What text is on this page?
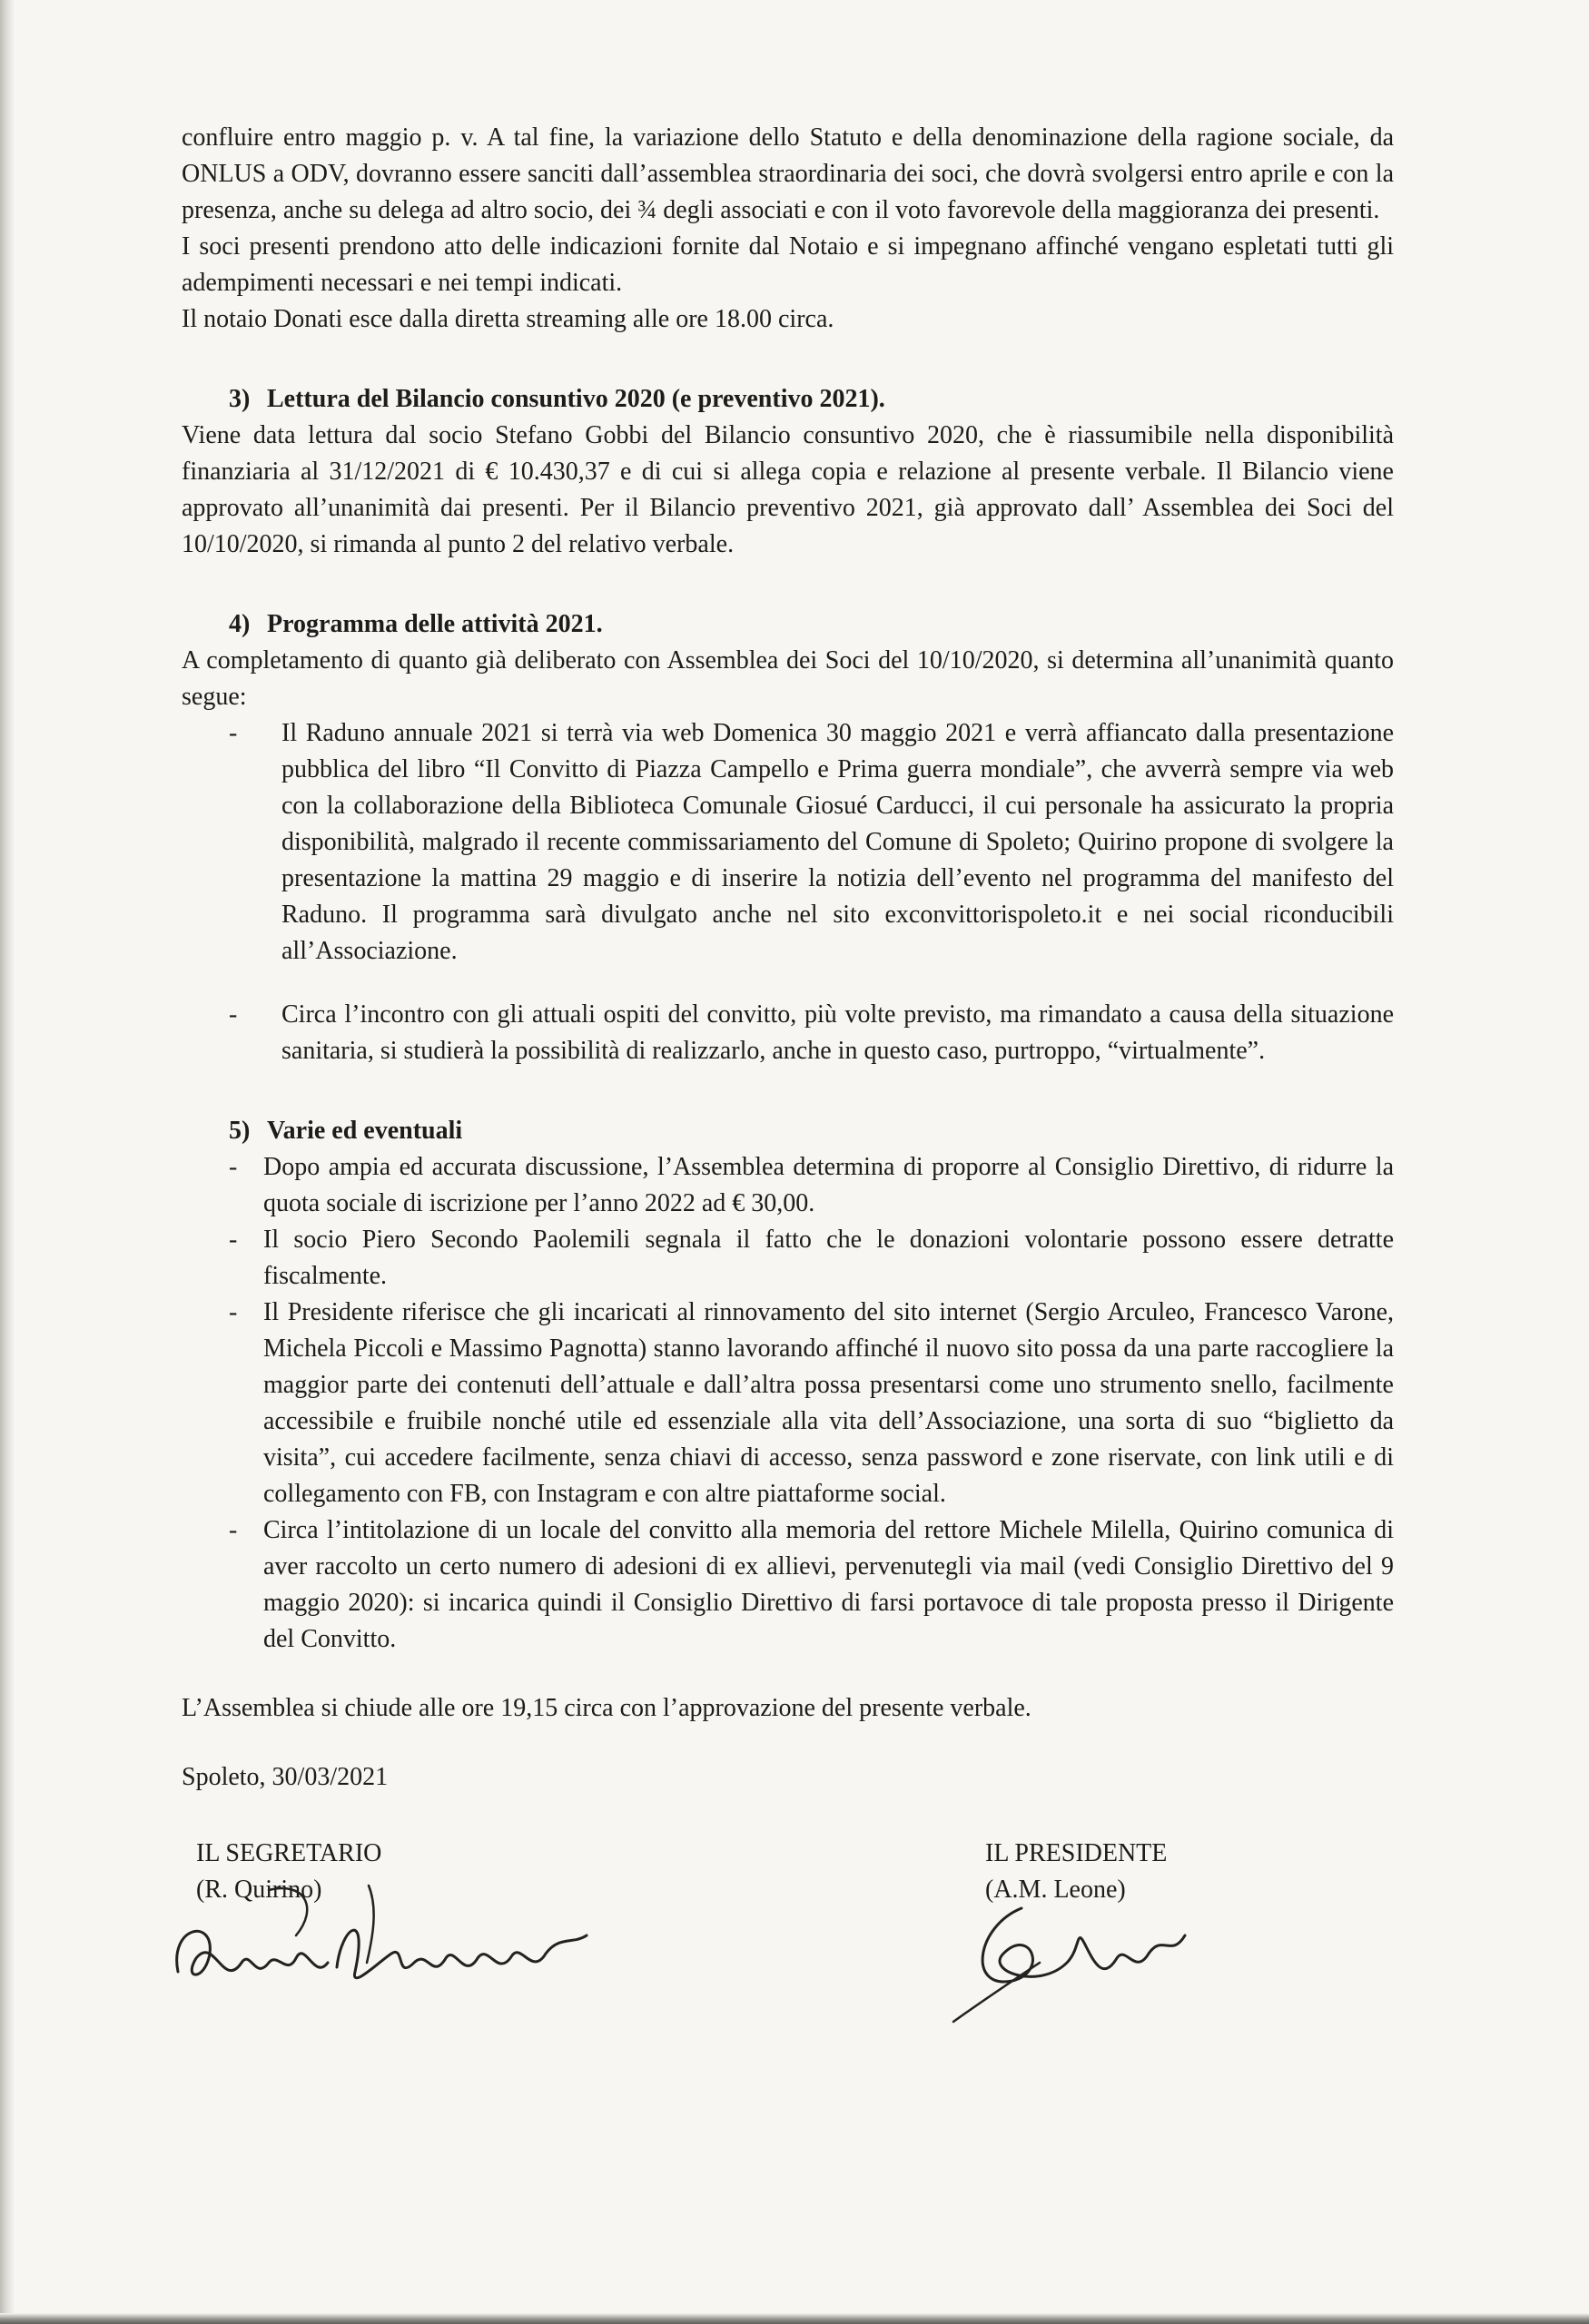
confluire entro maggio p. v. A tal fine, la variazione dello Statuto e della denominazione della ragione sociale, da ONLUS a ODV, dovranno essere sanciti dall’assemblea straordinaria dei soci, che dovrà svolgersi entro aprile e con la presenza, anche su delega ad altro socio, dei ¾ degli associati e con il voto favorevole della maggioranza dei presenti.

I soci presenti prendono atto delle indicazioni fornite dal Notaio e si impegnano affinché vengano espletati tutti gli adempimenti necessari e nei tempi indicati.

Il notaio Donati esce dalla diretta streaming alle ore 18.00 circa.

3) Lettura del Bilancio consuntivo 2020 (e preventivo 2021).

Viene data lettura dal socio Stefano Gobbi del Bilancio consuntivo 2020, che è riassumibile nella disponibilità finanziaria al 31/12/2021 di € 10.430,37 e di cui si allega copia e relazione al presente verbale. Il Bilancio viene approvato all’unanimità dai presenti. Per il Bilancio preventivo 2021, già approvato dall’ Assemblea dei Soci del 10/10/2020, si rimanda al punto 2 del relativo verbale.

4) Programma delle attività 2021.

A completamento di quanto già deliberato con Assemblea dei Soci del 10/10/2020, si determina all’unanimità quanto segue:

-	Il Raduno annuale 2021 si terrà via web Domenica 30 maggio 2021 e verrà affiancato dalla presentazione pubblica del libro “Il Convitto di Piazza Campello e Prima guerra mondiale”, che avverrà sempre via web con la collaborazione della Biblioteca Comunale Giosué Carducci, il cui personale ha assicurato la propria disponibilità, malgrado il recente commissariamento del Comune di Spoleto; Quirino propone di svolgere la presentazione la mattina 29 maggio e di inserire la notizia dell’evento nel programma del manifesto del Raduno. Il programma sarà divulgato anche nel sito exconvittorispoleto.it e nei social riconducibili all’Associazione.
-	Circa l’incontro con gli attuali ospiti del convitto, più volte previsto, ma rimandato a causa della situazione sanitaria, si studierà la possibilità di realizzarlo, anche in questo caso, purtroppo, “virtualmente”.
5) Varie ed eventuali
-	Dopo ampia ed accurata discussione, l’Assemblea determina di proporre al Consiglio Direttivo, di ridurre la quota sociale di iscrizione per l’anno 2022 ad € 30,00.
-	Il socio Piero Secondo Paolemili segnala il fatto che le donazioni volontarie possono essere detratte fiscalmente.
-	Il Presidente riferisce che gli incaricati al rinnovamento del sito internet (Sergio Arculeo, Francesco Varone, Michela Piccoli e Massimo Pagnotta) stanno lavorando affinché il nuovo sito possa da una parte raccogliere la maggior parte dei contenuti dell’attuale e dall’altra possa presentarsi come uno strumento snello, facilmente accessibile e fruibile nonché utile ed essenziale alla vita dell’Associazione, una sorta di suo “biglietto da visita”, cui accedere facilmente, senza chiavi di accesso, senza password e zone riservate, con link utili e di collegamento con FB, con Instagram e con altre piattaforme social.
-	Circa l’intitolazione di un locale del convitto alla memoria del rettore Michele Milella, Quirino comunica di aver raccolto un certo numero di adesioni di ex allievi, pervenutegli via mail (vedi Consiglio Direttivo del 9 maggio 2020): si incarica quindi il Consiglio Direttivo di farsi portavoce di tale proposta presso il Dirigente del Convitto.

L’Assemblea si chiude alle ore 19,15 circa con l’approvazione del presente verbale.

Spoleto, 30/03/2021

IL SEGRETARIO
(R. Quirino)
IL PRESIDENTE
(A.M. Leone)
